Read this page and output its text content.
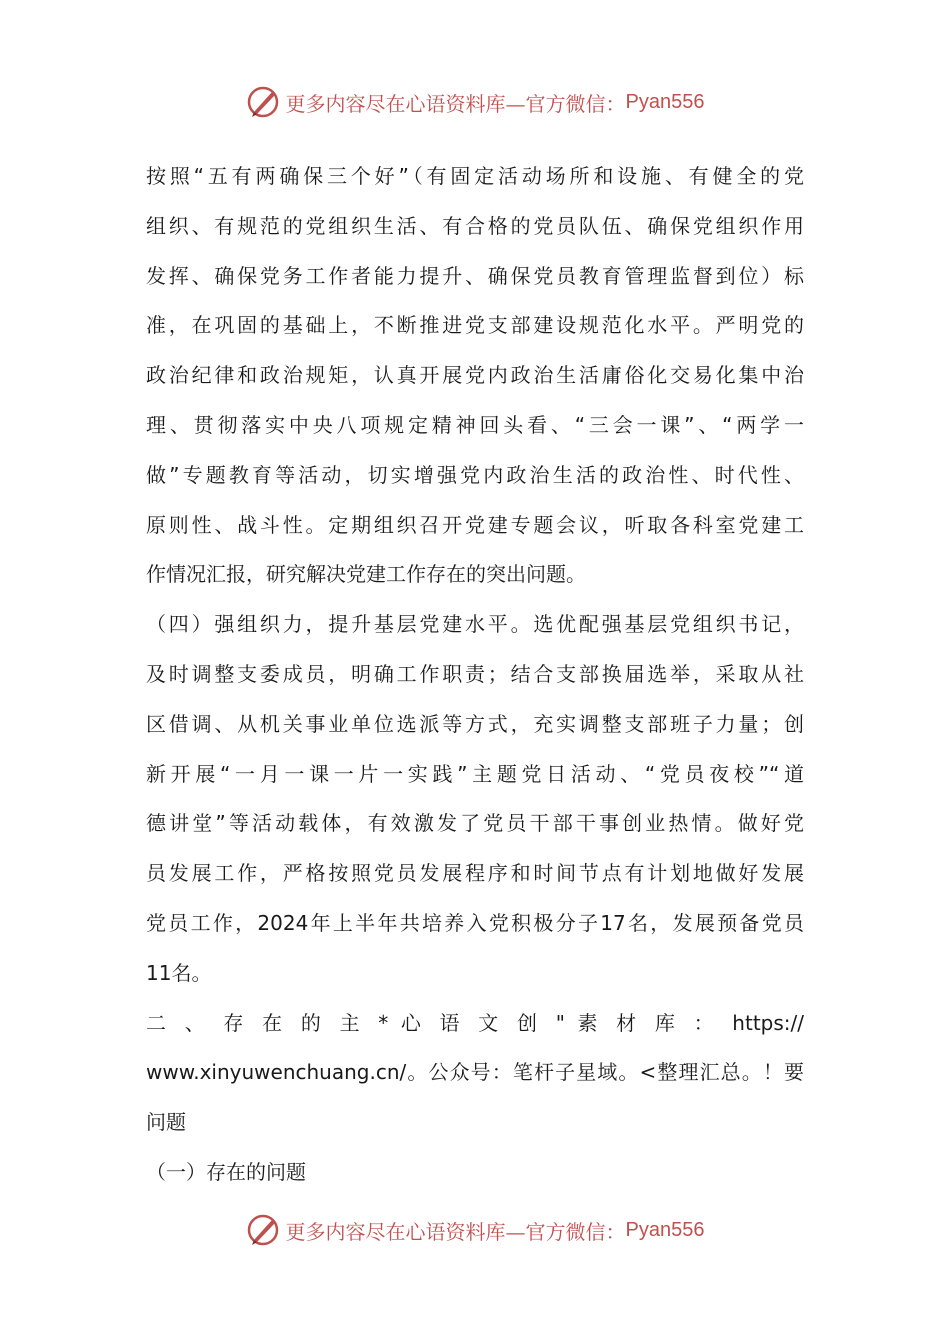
更多内容尽在心语资料库—官方微信： Pyan556
按照“五有两确保三个好”（有固定活动场所和设施、有健全的党
组织、有规范的党组织生活、有合格的党员队伍、确保党组织作用
发挥、确保党务工作者能力提升、确保党员教育管理监督到位）标
准，在巩固的基础上，不断推进党支部建设规范化水平。严明党的
政治纪律和政治规矩，认真开展党内政治生活庸俗化交易化集中治
理、贯彻落实中央八项规定精神回头看、“三会一课”、“两学一
做”专题教育等活动，切实增强党内政治生活的政治性、时代性、
原则性、战斗性。定期组织召开党建专题会议，听取各科室党建工
作情况汇报，研究解决党建工作存在的突出问题。
（四）强组织力，提升基层党建水平。选优配强基层党组织书记，
及时调整支委成员，明确工作职责；结合支部换届选举，采取从社
区借调、从机关事业单位选派等方式，充实调整支部班子力量；创
新开展“一月一课一片一实践”主题党日活动、“党员夜校”“道
德讲堂”等活动载体，有效激发了党员干部干事创业热情。做好党
员发展工作，严格按照党员发展程序和时间节点有计划地做好发展
党员工作，2024年上半年共培养入党积极分子17名，发展预备党员
11名。
二 、 存 在 的 主 * 心 语 文 创 " 素 材 库 ： https://
www.xinyuwenchuang.cn/。公众号：笔杆子星域。<整理汇总。！要
问题
（一）存在的问题
更多内容尽在心语资料库—官方微信： Pyan556
